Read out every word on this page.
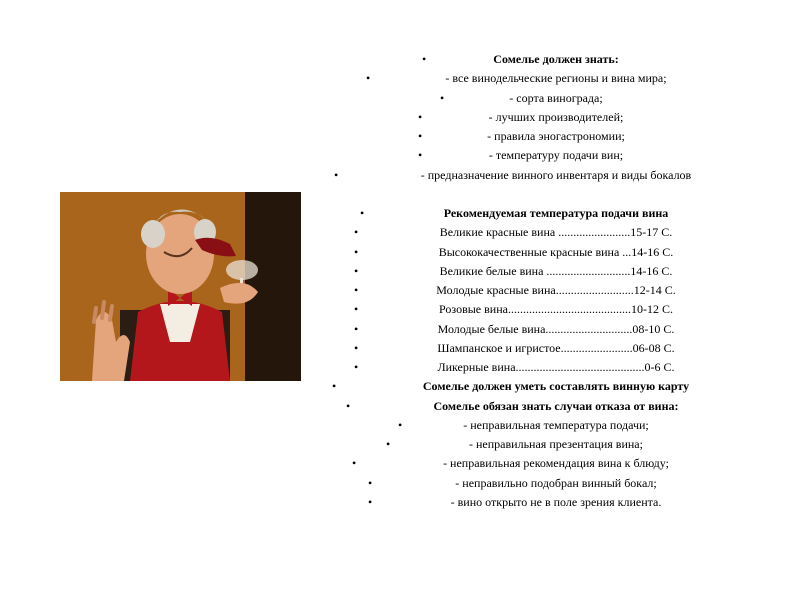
•	Сомелье должен знать:
•	- все винодельческие регионы и вина мира;
•	- сорта винограда;
•	- лучших производителей;
•	- правила эногастрономии;
•	- температуру подачи вин;
•	- предназначение винного инвентаря и виды бокалов
•	Рекомендуемая температура подачи вина
•	Великие красные вина ........................15-17 С.
•	Высококачественные красные вина ...14-16 С.
•	Великие белые вина ............................14-16 С.
•	Молодые красные вина..........................12-14 С.
•	Розовые вина.........................................10-12 С.
•	Молодые белые вина.............................08-10 С.
•	Шампанское и игристое........................06-08 С.
•	Ликерные вина...........................................0-6 С.
•	Сомелье должен уметь составлять винную карту
•	Сомелье обязан знать случаи отказа от вина:
•	- неправильная температура подачи;
•	- неправильная презентация вина;
•	- неправильная рекомендация вина к блюду;
•	- неправильно подобран винный бокал;
•	- вино открыто не в поле зрения клиента.
